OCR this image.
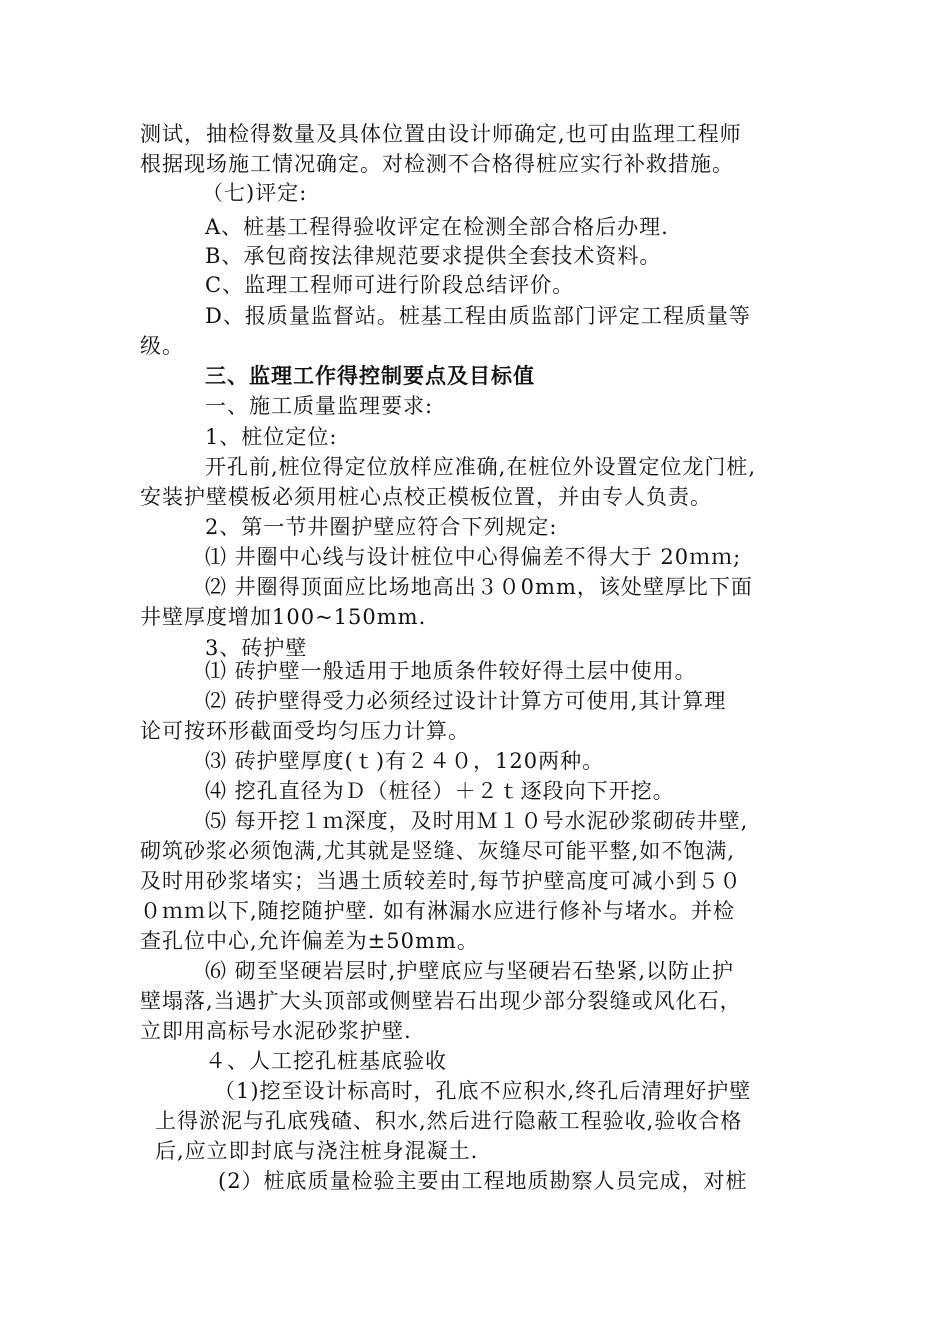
测试，抽检得数量及具体位置由设计师确定,也可由监理工程师
根据现场施工情况确定。对检测不合格得桩应实行补救措施。
（七)评定:
A、桩基工程得验收评定在检测全部合格后办理.
B、承包商按法律规范要求提供全套技术资料。
C、监理工程师可进行阶段总结评价。
D、报质量监督站。桩基工程由质监部门评定工程质量等
级。
三、监理工作得控制要点及目标值
一、施工质量监理要求:
1、桩位定位:
开孔前,桩位得定位放样应准确,在桩位外设置定位龙门桩,
安装护壁模板必须用桩心点校正模板位置，并由专人负责。
2、第一节井圈护壁应符合下列规定:
⑴ 井圈中心线与设计桩位中心得偏差不得大于 20ｍｍ;
⑵ 井圈得顶面应比场地高出３０0mm，该处壁厚比下面
井壁厚度增加100~150mm.
3、砖护壁
⑴ 砖护壁一般适用于地质条件较好得土层中使用。
⑵ 砖护壁得受力必须经过设计计算方可使用,其计算理
论可按环形截面受均匀压力计算。
⑶ 砖护壁厚度(ｔ)有２４０，120两种。
⑷ 挖孔直径为Ｄ（桩径）＋２ｔ逐段向下开挖。
⑸ 每开挖１ｍ深度，及时用Ｍ１０号水泥砂浆砌砖井壁,
砌筑砂浆必须饱满,尤其就是竖缝、灰缝尽可能平整,如不饱满,
及时用砂浆堵实；当遇土质较差时,每节护壁高度可减小到５０
０ｍｍ以下,随挖随护壁. 如有淋漏水应进行修补与堵水。并检
查孔位中心,允许偏差为±50mm。
⑹ 砌至坚硬岩层时,护壁底应与坚硬岩石垫紧,以防止护
壁塌落,当遇扩大头顶部或侧壁岩石出现少部分裂缝或风化石，
立即用高标号水泥砂浆护壁.
４、人工挖孔桩基底验收
（1)挖至设计标高时，孔底不应积水,终孔后清理好护壁
上得淤泥与孔底残碴、积水,然后进行隐蔽工程验收,验收合格
后,应立即封底与浇注桩身混凝土.
(2）桩底质量检验主要由工程地质勘察人员完成，对桩
